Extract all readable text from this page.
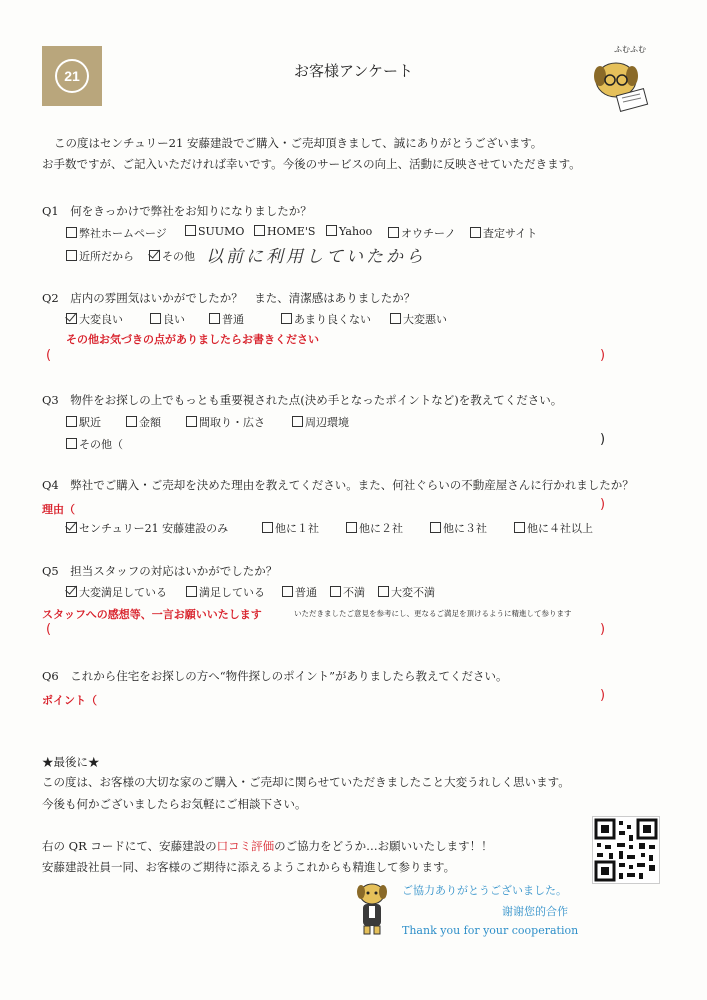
21	お客様アンケート
ふむふむ
この度はセンチュリー21 安藤建設でご購入・ご売却頂きまして、誠にありがとうございます。
お手数ですが、ご記入いただければ幸いです。今後のサービスの向上、活動に反映させていただきます。
Q1　何をきっかけで弊社をお知りになりましたか？
弊社ホームページ	SUUMO	HOME'S	Yahoo	オウチーノ	査定サイト
近所だから	その他 以前に利用していたから
Q2　店内の雰囲気はいかがでしたか？　また、清潔感はありましたか？
大変良い	良い	普通	あまり良くない	大変悪い
その他お気づきの点がありましたらお書きください
(	)
Q3　物件をお探しの上でもっとも重要視された点(決め手となったポイントなど)を教えてください。
駅近	金額	間取り・広さ	周辺環境
その他（	)
Q4　弊社でご購入・ご売却を決めた理由を教えてください。また、何社ぐらいの不動産屋さんに行かれましたか？
理由（	)
センチュリー21 安藤建設のみ	他に１社	他に２社	他に３社	他に４社以上
Q5　担当スタッフの対応はいかがでしたか？
大変満足している	満足している	普通	不満	大変不満
スタッフへの感想等、一言お願いいたします	いただきましたご意見を参考にし、更なるご満足を頂けるように精進して参ります
(	)
Q6　これから住宅をお探しの方へ“物件探しのポイント”がありましたら教えてください。
ポイント（	)
★最後に★
この度は、お客様の大切な家のご購入・ご売却に関らせていただきましたこと大変うれしく思います。
今後も何かございましたらお気軽にご相談下さい。
右の QR コードにて、安藤建設の口コミ評価のご協力をどうか…お願いいたします！！
安藤建設社員一同、お客様のご期待に添えるようこれからも精進して参ります。
ご協力ありがとうございました。
谢谢您的合作
Thank you for your cooperation
